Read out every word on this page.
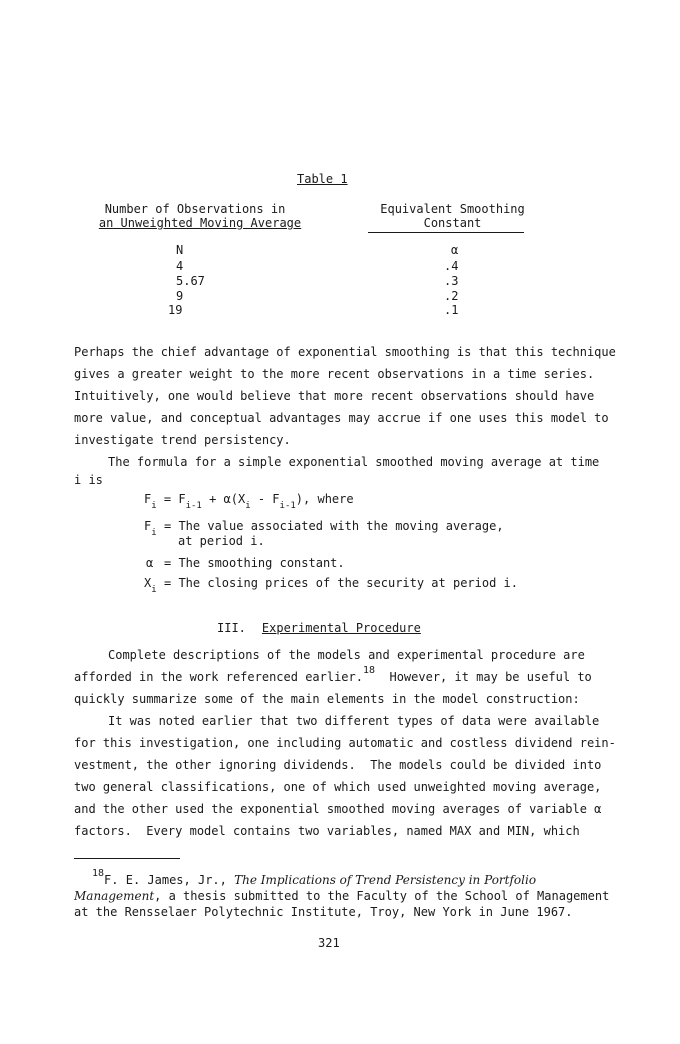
Table 1
Number of Observations in
an Unweighted Moving Average
Equivalent Smoothing
Constant
N
4
5.67
9
19
α
.4
.3
.2
.1
Perhaps the chief advantage of exponential smoothing is that this technique
gives a greater weight to the more recent observations in a time series.
Intuitively, one would believe that more recent observations should have
more value, and conceptual advantages may accrue if one uses this model to
investigate trend persistency.
The formula for a simple exponential smoothed moving average at time
i is
$F_i = F_{i-1} + \alpha(X_i - F_{i-1})$, where
$F_i$ = The value associated with the moving average,
at period i.
α = The smoothing constant.
$X_i$ = The closing prices of the security at period i.
III. Experimental Procedure
Complete descriptions of the models and experimental procedure are
afforded in the work referenced earlier.$^{18}$  However, it may be useful to
quickly summarize some of the main elements in the model construction:
It was noted earlier that two different types of data were available
for this investigation, one including automatic and costless dividend rein-
vestment, the other ignoring dividends.  The models could be divided into
two general classifications, one of which used unweighted moving average,
and the other used the exponential smoothed moving averages of variable α
factors.  Every model contains two variables, named MAX and MIN, which
$^{18}$F. E. James, Jr., The Implications of Trend Persistency in Portfolio
Management, a thesis submitted to the Faculty of the School of Management
at the Rensselaer Polytechnic Institute, Troy, New York in June 1967.
321
